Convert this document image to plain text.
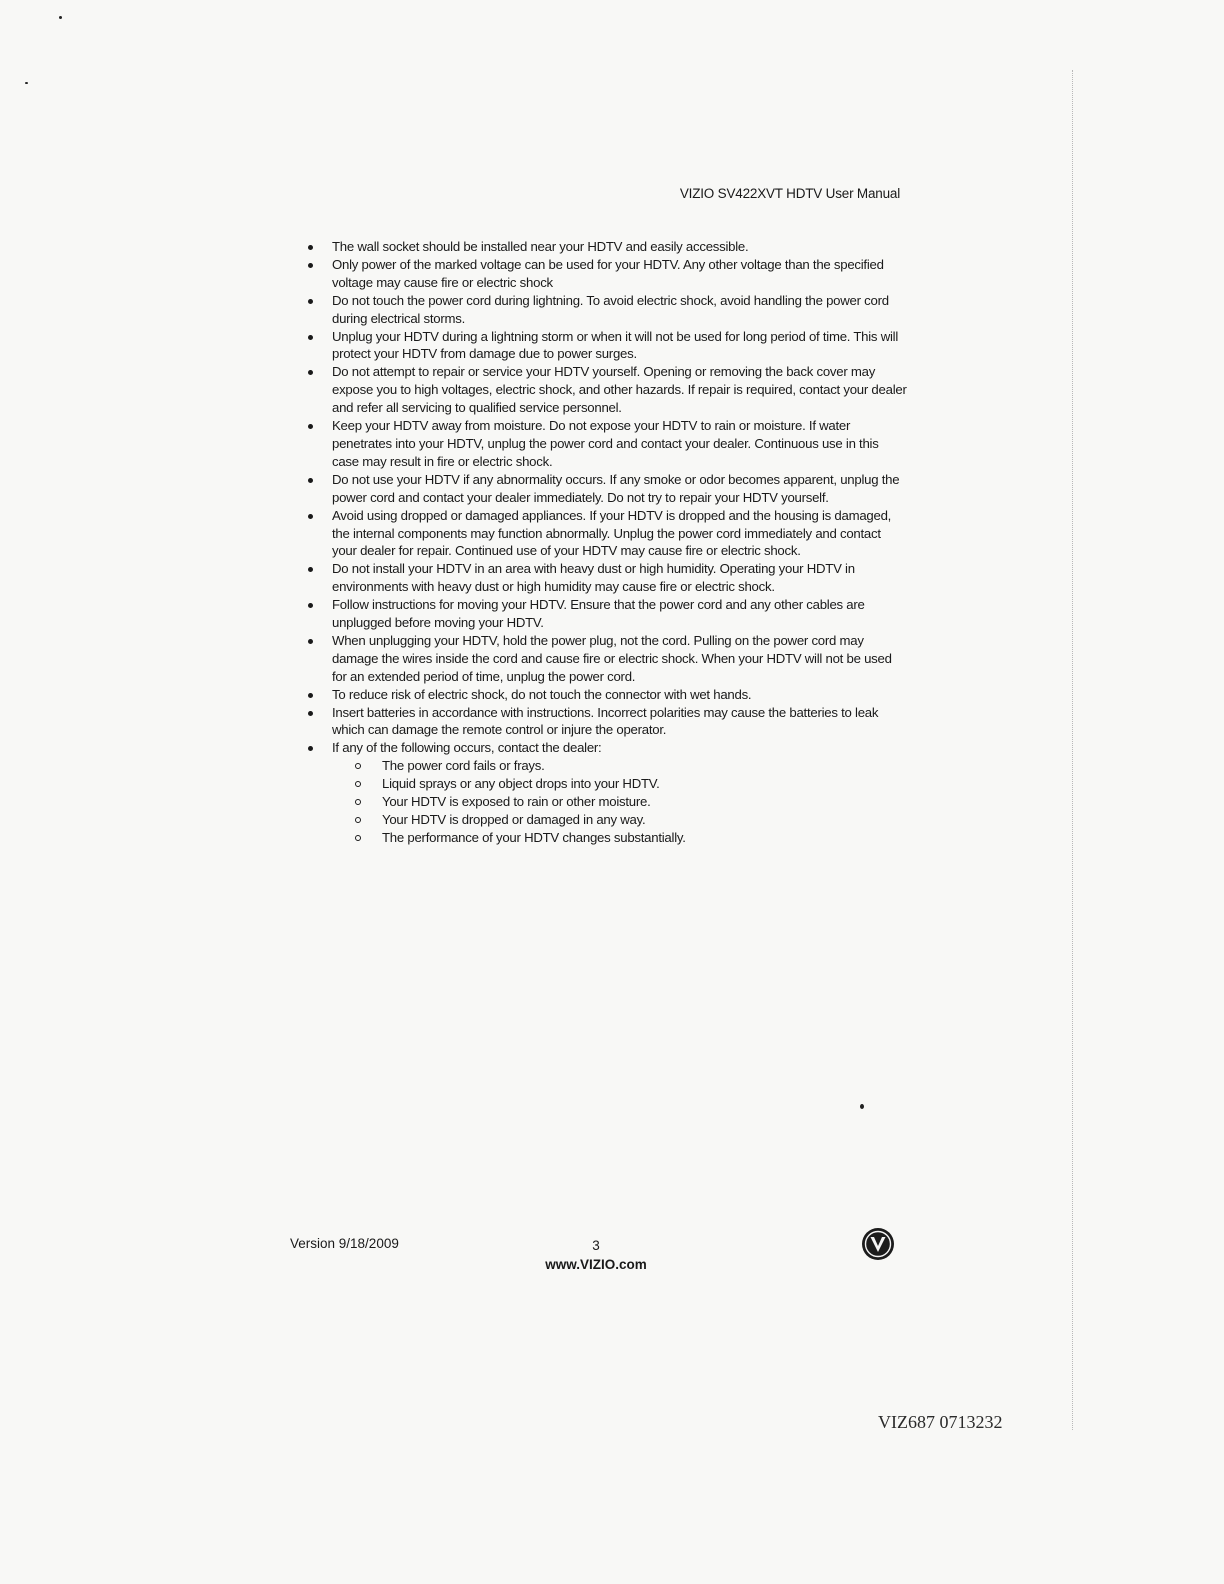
VIZIO SV422XVT HDTV User Manual
The wall socket should be installed near your HDTV and easily accessible.
Only power of the marked voltage can be used for your HDTV. Any other voltage than the specified voltage may cause fire or electric shock
Do not touch the power cord during lightning. To avoid electric shock, avoid handling the power cord during electrical storms.
Unplug your HDTV during a lightning storm or when it will not be used for long period of time. This will protect your HDTV from damage due to power surges.
Do not attempt to repair or service your HDTV yourself. Opening or removing the back cover may expose you to high voltages, electric shock, and other hazards. If repair is required, contact your dealer and refer all servicing to qualified service personnel.
Keep your HDTV away from moisture. Do not expose your HDTV to rain or moisture. If water penetrates into your HDTV, unplug the power cord and contact your dealer. Continuous use in this case may result in fire or electric shock.
Do not use your HDTV if any abnormality occurs. If any smoke or odor becomes apparent, unplug the power cord and contact your dealer immediately. Do not try to repair your HDTV yourself.
Avoid using dropped or damaged appliances. If your HDTV is dropped and the housing is damaged, the internal components may function abnormally. Unplug the power cord immediately and contact your dealer for repair. Continued use of your HDTV may cause fire or electric shock.
Do not install your HDTV in an area with heavy dust or high humidity. Operating your HDTV in environments with heavy dust or high humidity may cause fire or electric shock.
Follow instructions for moving your HDTV. Ensure that the power cord and any other cables are unplugged before moving your HDTV.
When unplugging your HDTV, hold the power plug, not the cord. Pulling on the power cord may damage the wires inside the cord and cause fire or electric shock. When your HDTV will not be used for an extended period of time, unplug the power cord.
To reduce risk of electric shock, do not touch the connector with wet hands.
Insert batteries in accordance with instructions. Incorrect polarities may cause the batteries to leak which can damage the remote control or injure the operator.
If any of the following occurs, contact the dealer:
The power cord fails or frays.
Liquid sprays or any object drops into your HDTV.
Your HDTV is exposed to rain or other moisture.
Your HDTV is dropped or damaged in any way.
The performance of your HDTV changes substantially.
Version 9/18/2009	3
www.VIZIO.com
VIZ687 0713232
